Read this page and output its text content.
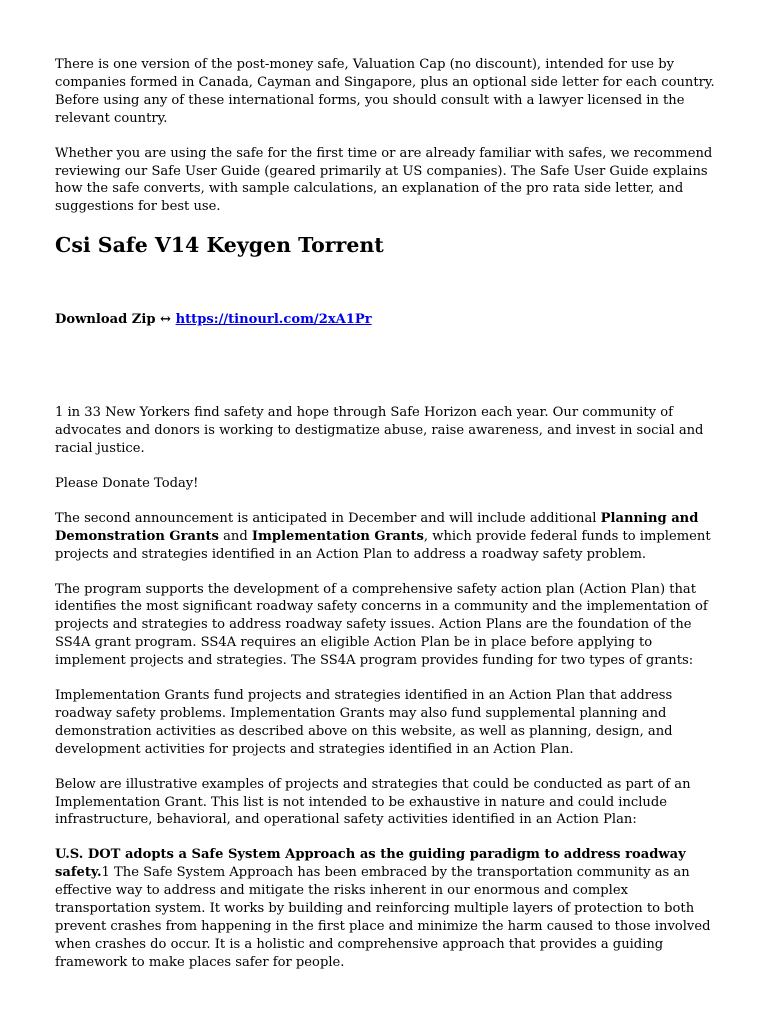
There is one version of the post-money safe, Valuation Cap (no discount), intended for use by companies formed in Canada, Cayman and Singapore, plus an optional side letter for each country. Before using any of these international forms, you should consult with a lawyer licensed in the relevant country.

Whether you are using the safe for the first time or are already familiar with safes, we recommend reviewing our Safe User Guide (geared primarily at US companies). The Safe User Guide explains how the safe converts, with sample calculations, an explanation of the pro rata side letter, and suggestions for best use.

Csi Safe V14 Keygen Torrent
Download Zip ↔ https://tinourl.com/2xA1Pr

1 in 33 New Yorkers find safety and hope through Safe Horizon each year. Our community of advocates and donors is working to destigmatize abuse, raise awareness, and invest in social and racial justice.

Please Donate Today!

The second announcement is anticipated in December and will include additional Planning and Demonstration Grants and Implementation Grants, which provide federal funds to implement projects and strategies identified in an Action Plan to address a roadway safety problem.

The program supports the development of a comprehensive safety action plan (Action Plan) that identifies the most significant roadway safety concerns in a community and the implementation of projects and strategies to address roadway safety issues. Action Plans are the foundation of the SS4A grant program. SS4A requires an eligible Action Plan be in place before applying to implement projects and strategies. The SS4A program provides funding for two types of grants:

Implementation Grants fund projects and strategies identified in an Action Plan that address roadway safety problems. Implementation Grants may also fund supplemental planning and demonstration activities as described above on this website, as well as planning, design, and development activities for projects and strategies identified in an Action Plan.

Below are illustrative examples of projects and strategies that could be conducted as part of an Implementation Grant. This list is not intended to be exhaustive in nature and could include infrastructure, behavioral, and operational safety activities identified in an Action Plan:

U.S. DOT adopts a Safe System Approach as the guiding paradigm to address roadway safety.1 The Safe System Approach has been embraced by the transportation community as an effective way to address and mitigate the risks inherent in our enormous and complex transportation system. It works by building and reinforcing multiple layers of protection to both prevent crashes from happening in the first place and minimize the harm caused to those involved when crashes do occur. It is a holistic and comprehensive approach that provides a guiding framework to make places safer for people.
